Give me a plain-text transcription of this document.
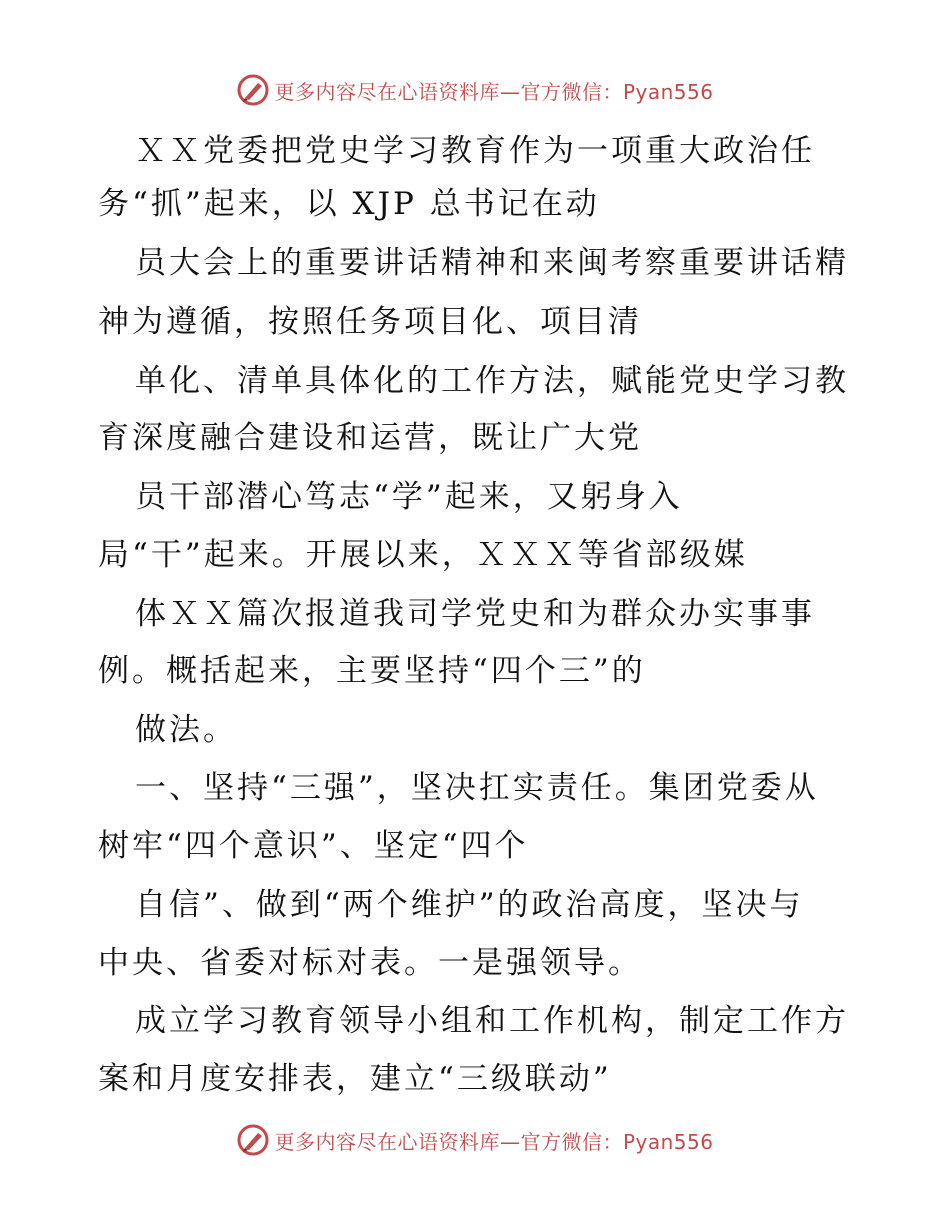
更多内容尽在心语资料库—官方微信：Pyan556
ＸＸ党委把党史学习教育作为一项重大政治任
务“抓”起来，以 XJP 总书记在动
员大会上的重要讲话精神和来闽考察重要讲话精
神为遵循，按照任务项目化、项目清
单化、清单具体化的工作方法，赋能党史学习教
育深度融合建设和运营，既让广大党
员干部潜心笃志“学”起来，又躬身入
局“干”起来。开展以来，ＸＸＸ等省部级媒
体ＸＸ篇次报道我司学党史和为群众办实事事
例。概括起来，主要坚持“四个三”的
做法。
一、坚持“三强”，坚决扛实责任。集团党委从
树牢“四个意识”、坚定“四个
自信”、做到“两个维护”的政治高度，坚决与
中央、省委对标对表。一是强领导。
成立学习教育领导小组和工作机构，制定工作方
案和月度安排表，建立“三级联动”
更多内容尽在心语资料库—官方微信：Pyan556
